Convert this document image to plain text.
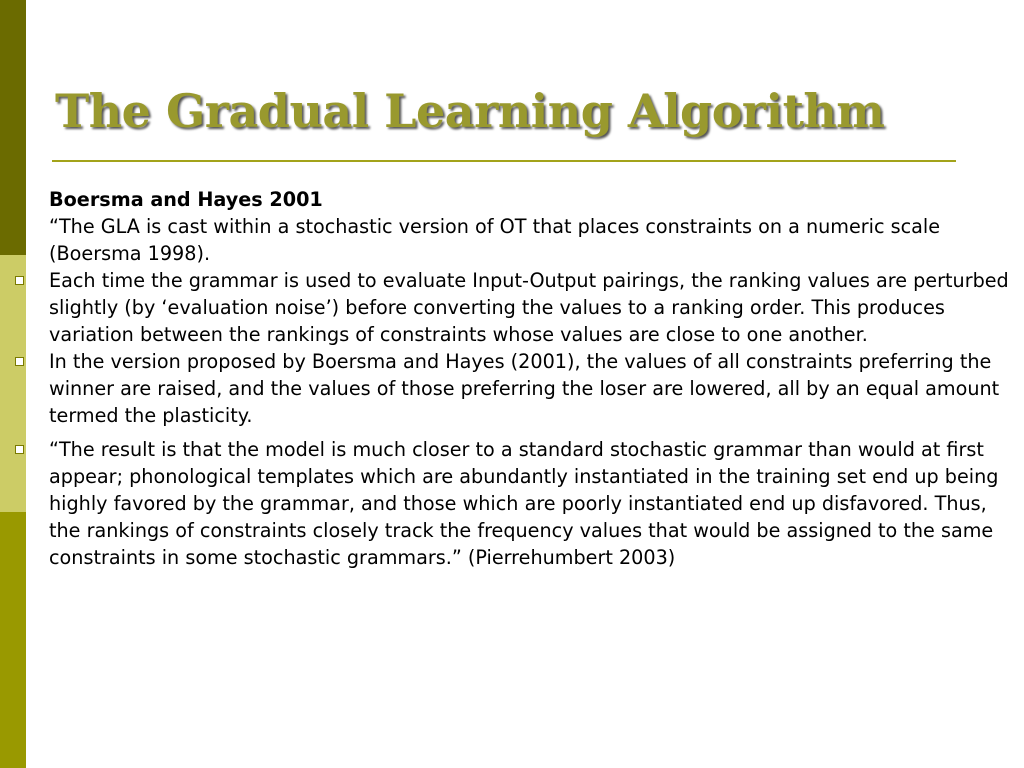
The Gradual Learning Algorithm

Boersma and Hayes 2001

“The GLA is cast within a stochastic version of OT that places constraints on a numeric scale (Boersma 1998).

Each time the grammar is used to evaluate Input-Output pairings, the ranking values are perturbed slightly (by ‘evaluation noise’) before converting the values to a ranking order. This produces variation between the rankings of constraints whose values are close to one another.

In the version proposed by Boersma and Hayes (2001), the values of all constraints preferring the winner are raised, and the values of those preferring the loser are lowered, all by an equal amount termed the plasticity.

“The result is that the model is much closer to a standard stochastic grammar than would at first appear; phonological templates which are abundantly instantiated in the training set end up being highly favored by the grammar, and those which are poorly instantiated end up disfavored. Thus, the rankings of constraints closely track the frequency values that would be assigned to the same constraints in some stochastic grammars.” (Pierrehumbert 2003)
